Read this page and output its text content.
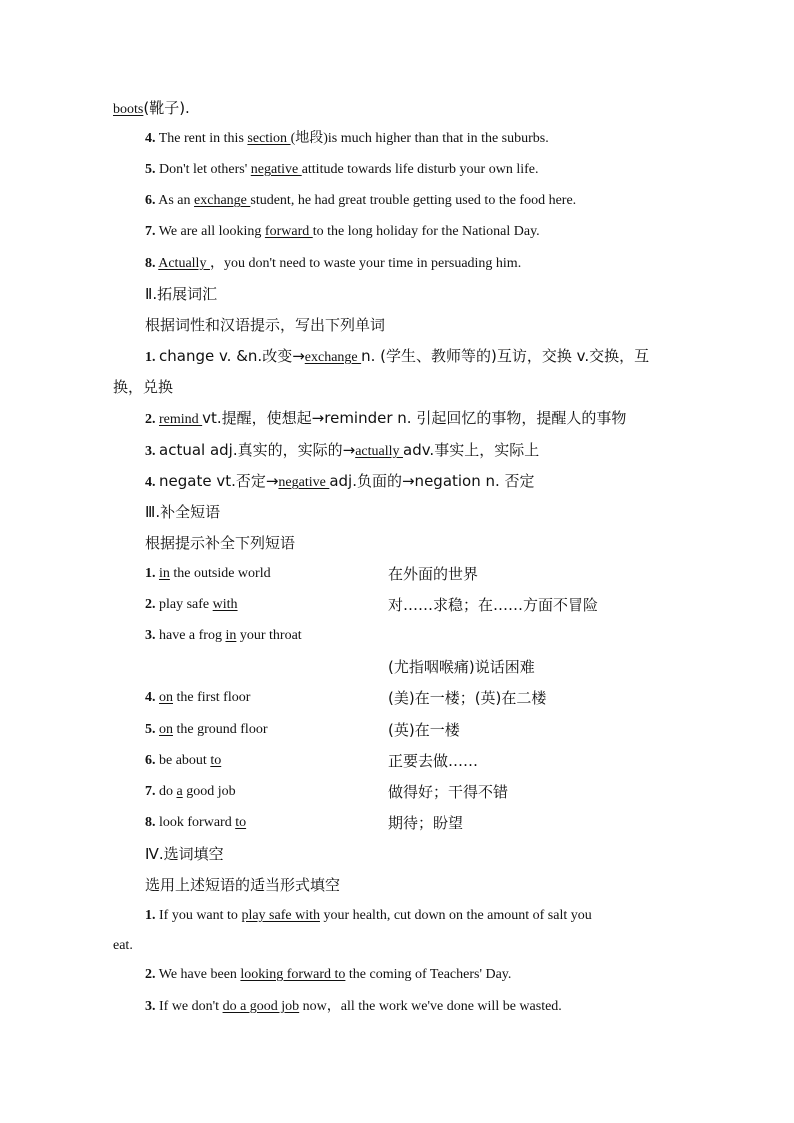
boots(靴子).
4. The rent in this section (地段)is much higher than that in the suburbs.
5. Don't let others' negative attitude towards life disturb your own life.
6. As an exchange student, he had great trouble getting used to the food here.
7. We are all looking forward to the long holiday for the National Day.
8. Actually ，you don't need to waste your time in persuading him.
Ⅱ.拓展词汇
根据词性和汉语提示，写出下列单词
1. change v. &n.改变→exchange n. (学生、教师等的)互访，交换 v.交换，互
换，兑换
2. remind vt.提醒，使想起→reminder n. 引起回忆的事物，提醒人的事物
3. actual adj.真实的，实际的→actually adv.事实上，实际上
4. negate vt.否定→negative adj.负面的→negation n. 否定
Ⅲ.补全短语
根据提示补全下列短语
1. in the outside world	在外面的世界
2. play safe with	对……求稳；在……方面不冒险
3. have a frog in your throat
(尤指咽喉痛)说话困难
4. on the first floor	(美)在一楼；(英)在二楼
5. on the ground floor	(英)在一楼
6. be about to	正要去做……
7. do a good job	做得好；干得不错
8. look forward to	期待；盼望
Ⅳ.选词填空
选用上述短语的适当形式填空
1. If you want to play safe with your health, cut down on the amount of salt you
eat.
2. We have been looking forward to the coming of Teachers' Day.
3. If we don't do a good job now，all the work we've done will be wasted.
